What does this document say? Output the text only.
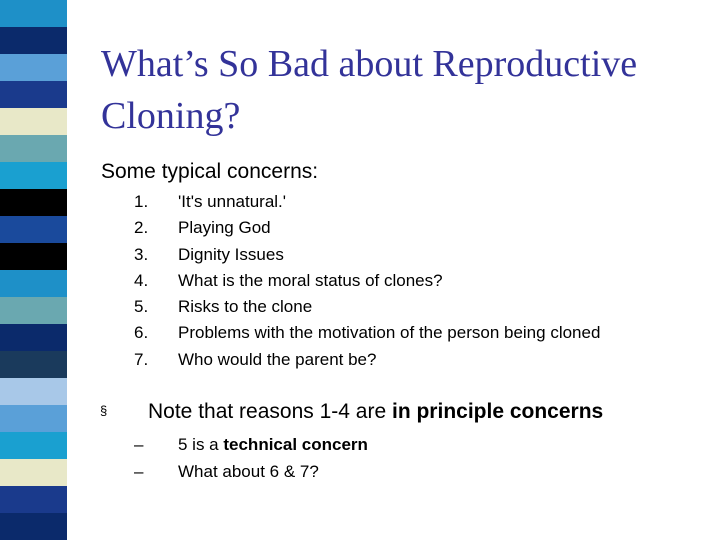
What’s So Bad about Reproductive Cloning?
Some typical concerns:
1. 'It's unnatural.'
2. Playing God
3. Dignity Issues
4. What is the moral status of clones?
5. Risks to the clone
6. Problems with the motivation of the person being cloned
7. Who would the parent be?
§ Note that reasons 1-4 are in principle concerns
– 5 is a technical concern
– What about 6 & 7?
